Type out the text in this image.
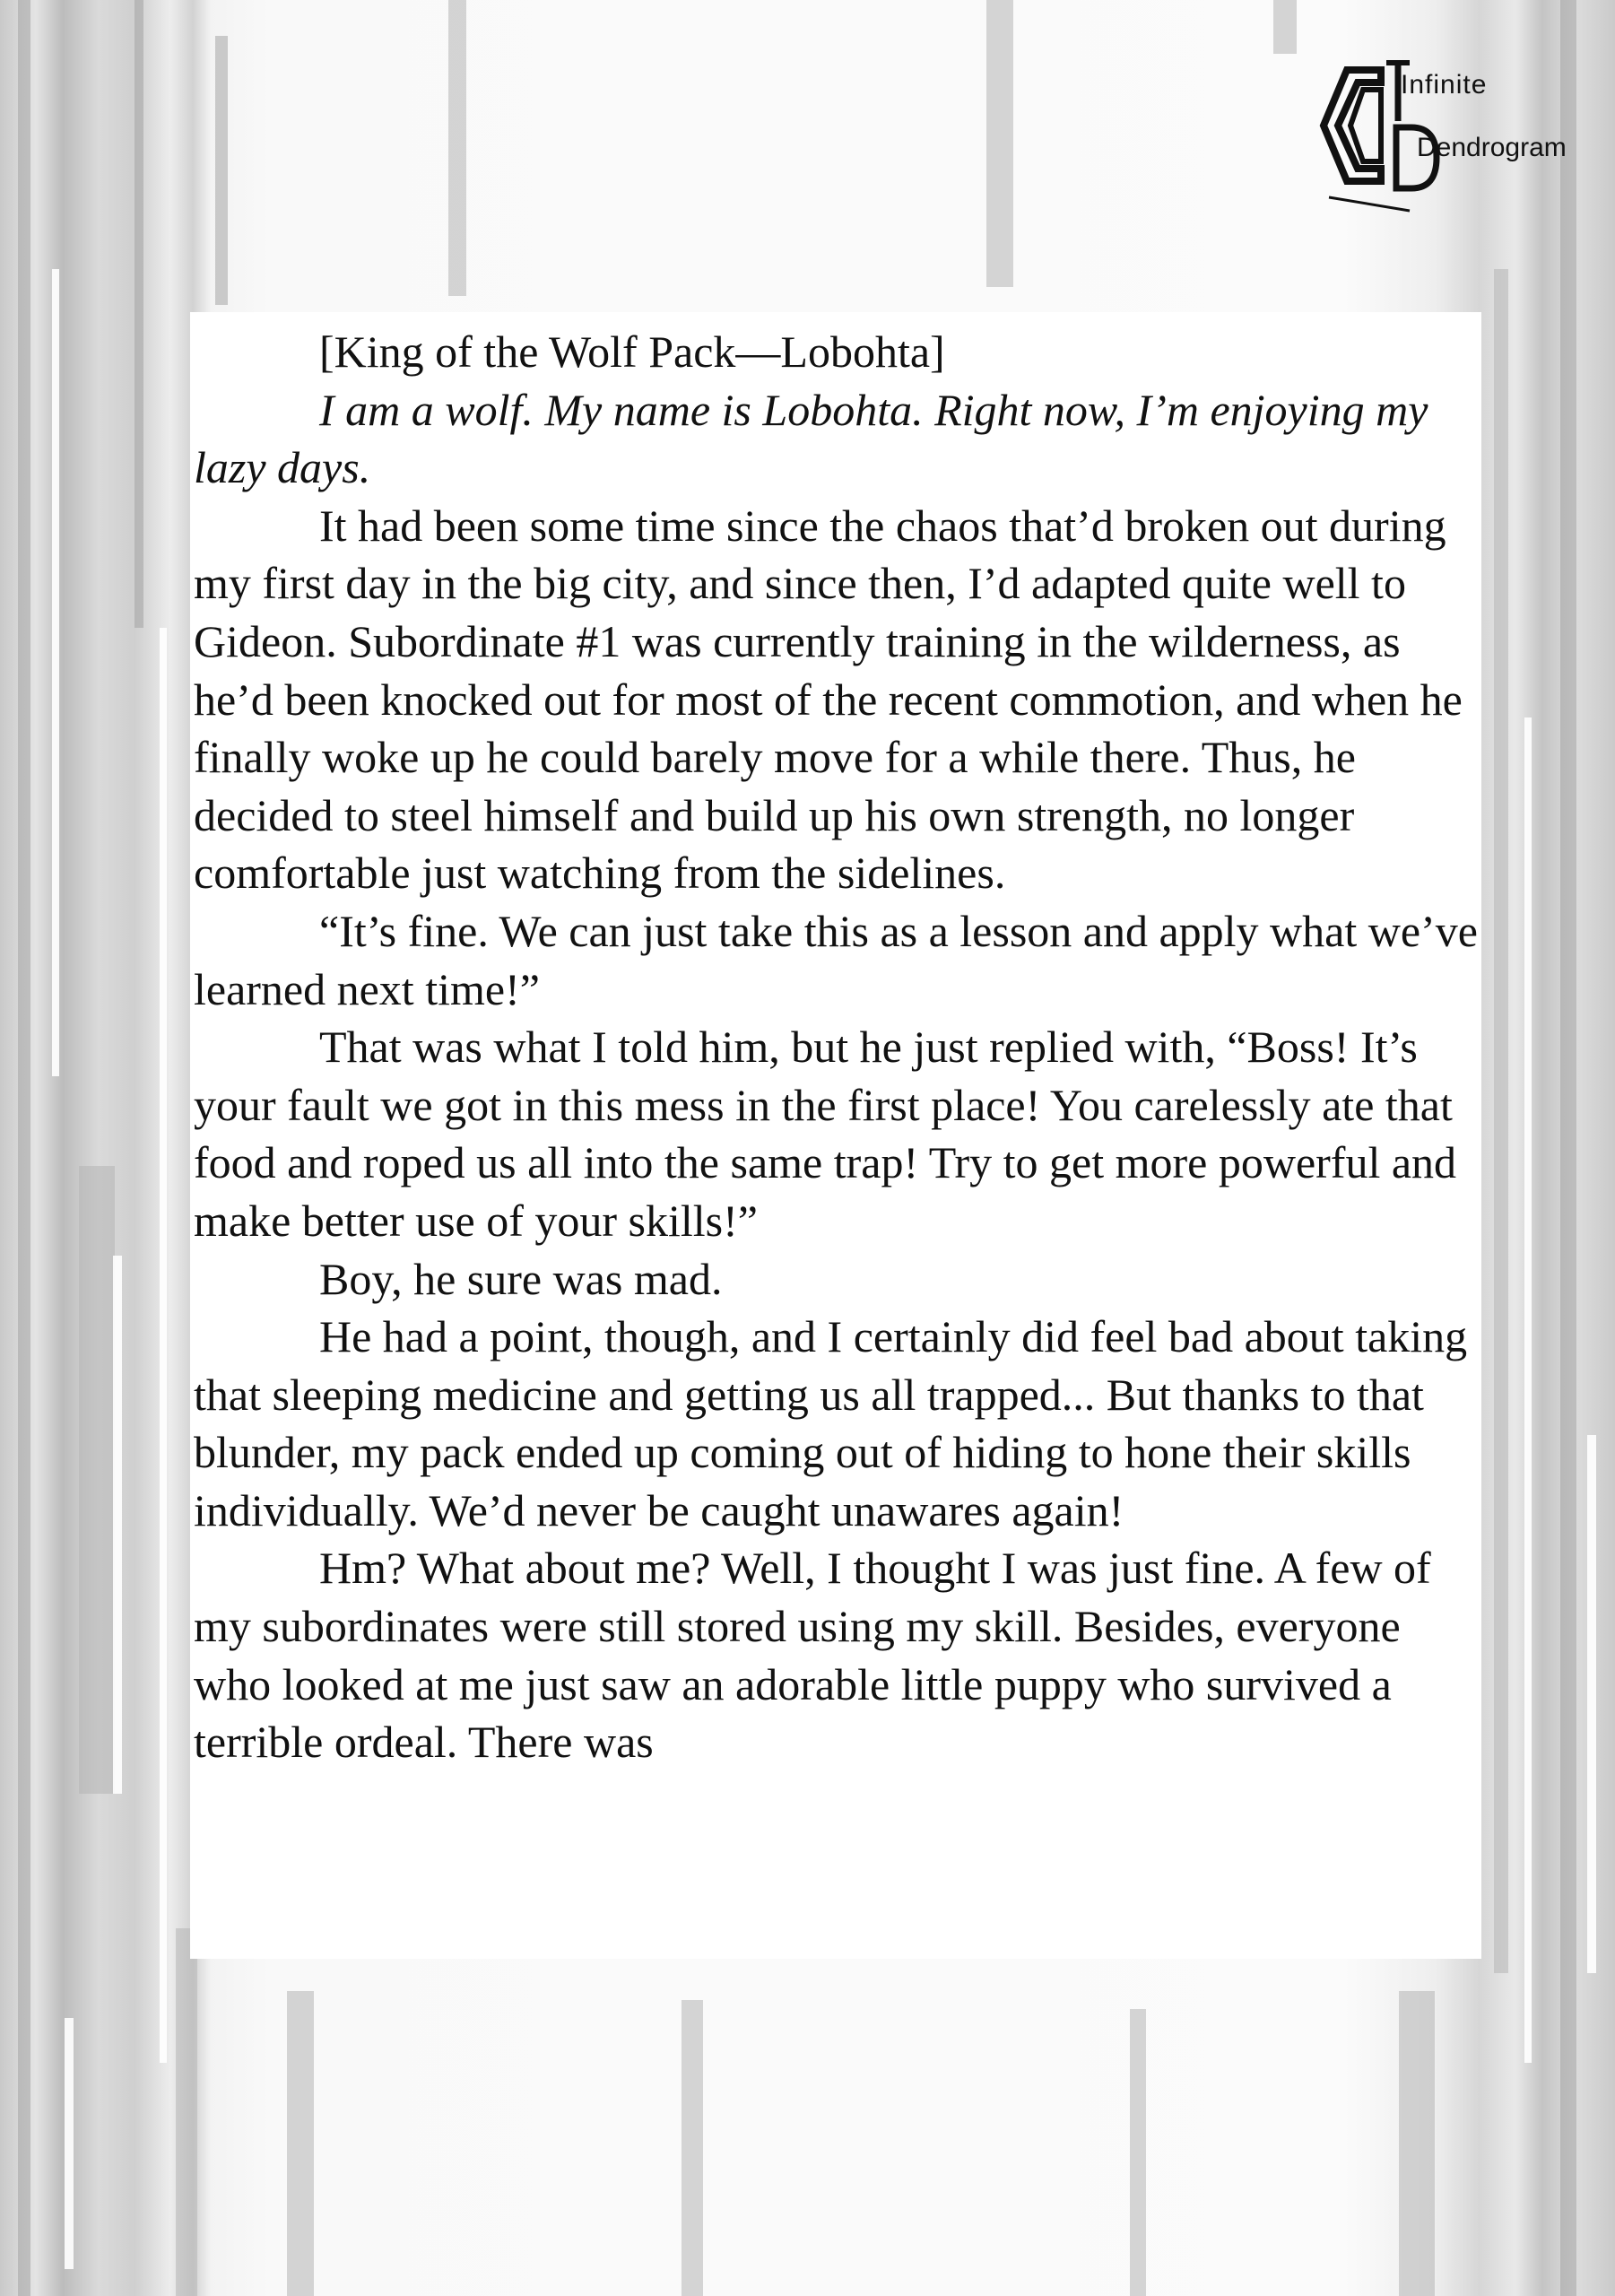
Infinite
Dendrogram

[King of the Wolf Pack—Lobohta]

I am a wolf. My name is Lobohta. Right now, I’m enjoying my lazy days.

It had been some time since the chaos that’d broken out during my first day in the big city, and since then, I’d adapted quite well to Gideon. Subordinate #1 was currently training in the wilderness, as he’d been knocked out for most of the recent commotion, and when he finally woke up he could barely move for a while there. Thus, he decided to steel himself and build up his own strength, no longer comfortable just watching from the sidelines.

“It’s fine. We can just take this as a lesson and apply what we’ve learned next time!”

That was what I told him, but he just replied with, “Boss! It’s your fault we got in this mess in the first place! You carelessly ate that food and roped us all into the same trap! Try to get more powerful and make better use of your skills!”

Boy, he sure was mad.

He had a point, though, and I certainly did feel bad about taking that sleeping medicine and getting us all trapped... But thanks to that blunder, my pack ended up coming out of hiding to hone their skills individually. We’d never be caught unawares again!

Hm? What about me? Well, I thought I was just fine. A few of my subordinates were still stored using my skill. Besides, everyone who looked at me just saw an adorable little puppy who survived a terrible ordeal. There was
